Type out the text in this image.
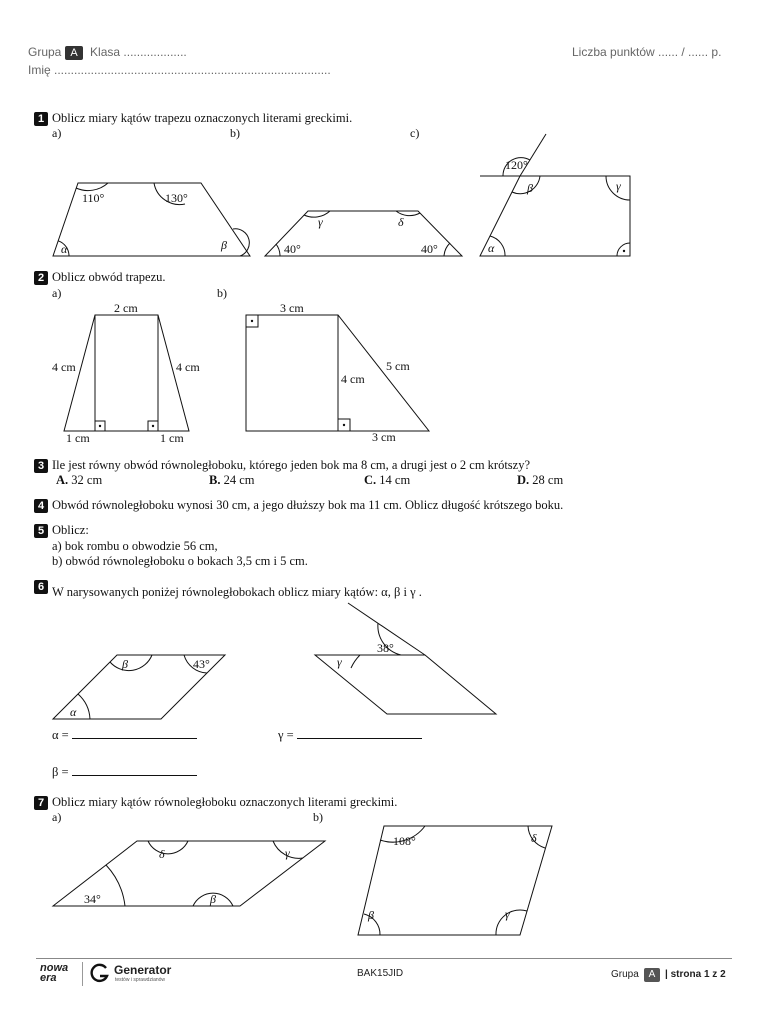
Grupa A Klasa ...................
Imię ...................................................................................
Liczba punktów ...... / ...... p.
1 Oblicz miary kątów trapezu oznaczonych literami greckimi.
a)	b)	c)
2 Oblicz obwód trapezu.
a)	b)
3 Ile jest równy obwód równoległoboku, którego jeden bok ma 8 cm, a drugi jest o 2 cm krótszy?
A. 32 cm	B. 24 cm	C. 14 cm	D. 28 cm
4 Obwód równoległoboku wynosi 30 cm, a jego dłuższy bok ma 11 cm. Oblicz długość krótszego boku.
5 Oblicz:
a) bok rombu o obwodzie 56 cm,
b) obwód równoległoboku o bokach 3,5 cm i 5 cm.
6 W narysowanych poniżej równoległobokach oblicz miary kątów: α, β i γ .
α =	γ =
β =
7 Oblicz miary kątów równoległoboku oznaczonych literami greckimi.
a)	b)
110°	130°
α	β
γ	δ
40°	40°
120°
β	γ
α
2 cm
4 cm	4 cm
1 cm	1 cm
3 cm
4 cm
5 cm
3 cm
β	43°
α
γ
38°
δ	γ
34°	β
108°	δ
β	γ
nowa
era
Generator
testów i sprawdzianów
BAK15JID	Grupa A | strona 1 z 2
